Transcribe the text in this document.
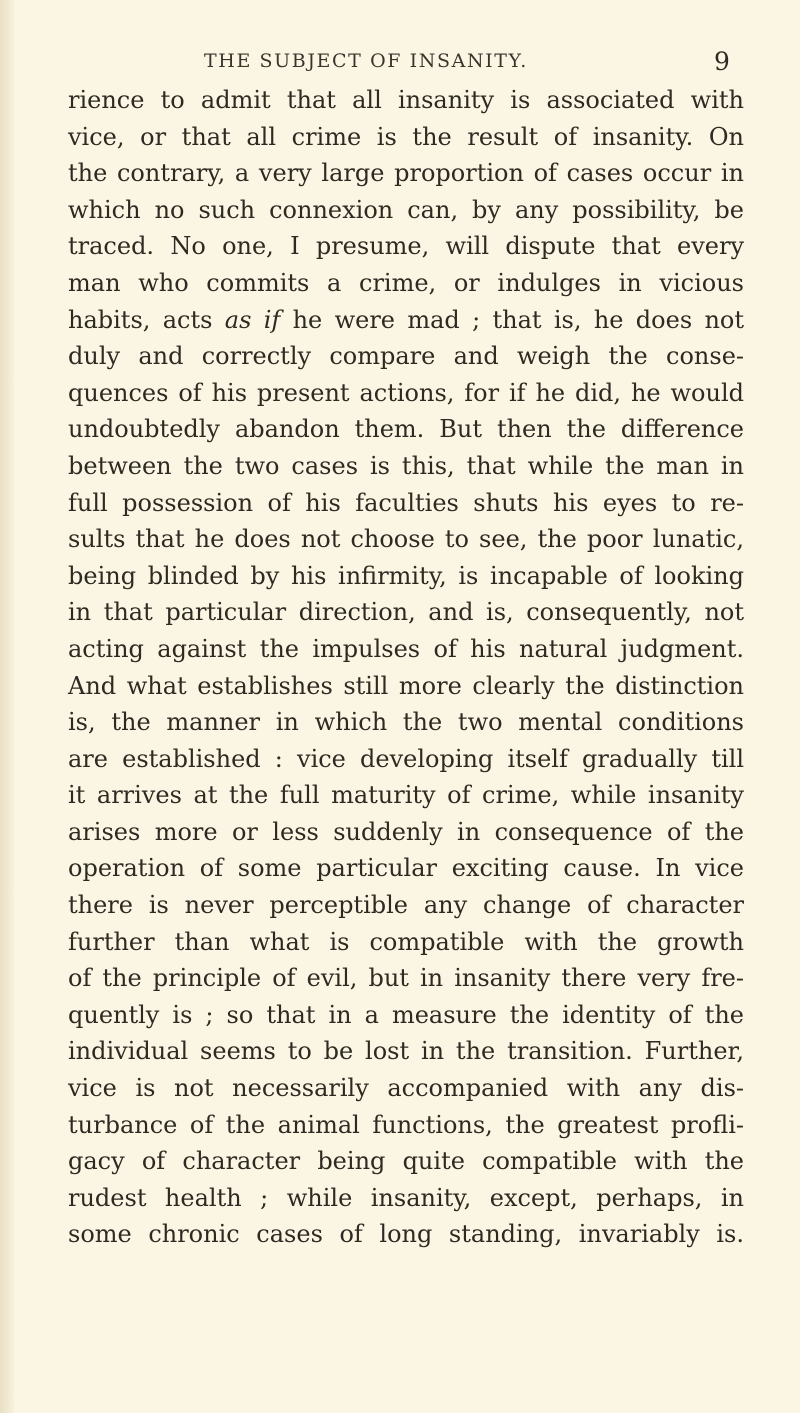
THE SUBJECT OF INSANITY.	9
rience to admit that all insanity is associated with
vice, or that all crime is the result of insanity. On
the contrary, a very large proportion of cases occur in
which no such connexion can, by any possibility, be
traced. No one, I presume, will dispute that every
man who commits a crime, or indulges in vicious
habits, acts as if he were mad ; that is, he does not
duly and correctly compare and weigh the conse-
quences of his present actions, for if he did, he would
undoubtedly abandon them. But then the difference
between the two cases is this, that while the man in
full possession of his faculties shuts his eyes to re-
sults that he does not choose to see, the poor lunatic,
being blinded by his infirmity, is incapable of looking
in that particular direction, and is, consequently, not
acting against the impulses of his natural judgment.
And what establishes still more clearly the distinction
is, the manner in which the two mental conditions
are established : vice developing itself gradually till
it arrives at the full maturity of crime, while insanity
arises more or less suddenly in consequence of the
operation of some particular exciting cause. In vice
there is never perceptible any change of character
further than what is compatible with the growth
of the principle of evil, but in insanity there very fre-
quently is ; so that in a measure the identity of the
individual seems to be lost in the transition. Further,
vice is not necessarily accompanied with any dis-
turbance of the animal functions, the greatest profli-
gacy of character being quite compatible with the
rudest health ; while insanity, except, perhaps, in
some chronic cases of long standing, invariably is.
